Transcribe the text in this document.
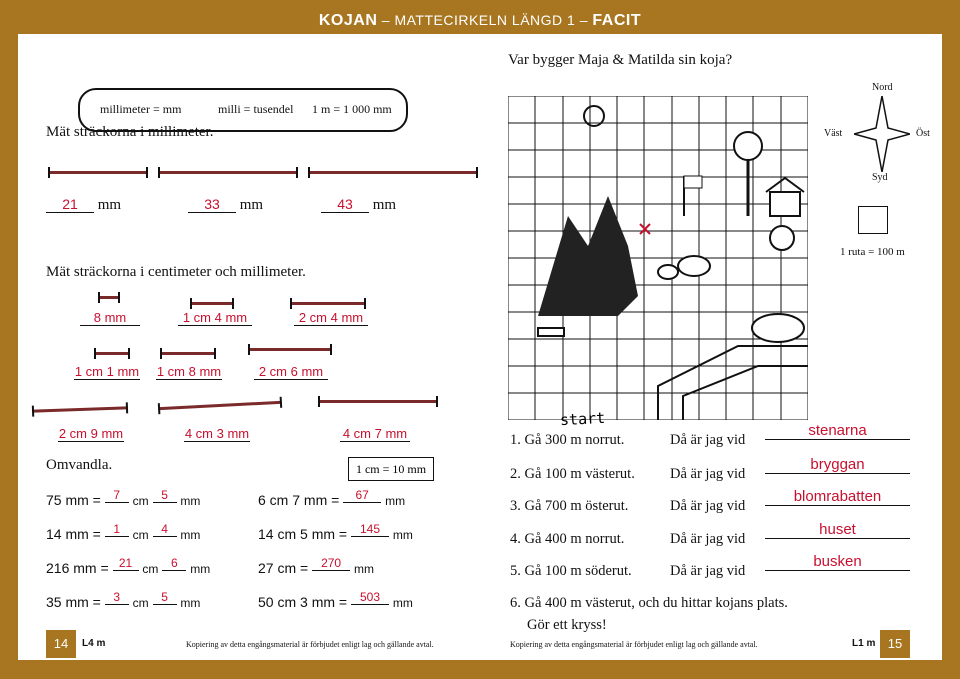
KOJAN – MATTECIRKELN LÄNGD 1 – FACIT
millimeter = mm	milli = tusendel 1 m = 1 000 mm
Mät sträckorna i millimeter.
21 mm	33 mm	43 mm
Mät sträckorna i centimeter och millimeter.
8 mm	1 cm 4 mm	2 cm 4 mm
1 cm 1 mm 1 cm 8 mm	2 cm 6 mm
2 cm 9 mm	4 cm 3 mm	4 cm 7 mm
Omvandla.	1 cm = 10 mm
75 mm = 7 cm 5 mm
14 mm = 1 cm 4 mm
216 mm = 21 cm 6 mm
35 mm = 3 cm 5 mm
6 cm 7 mm = 67 mm
14 cm 5 mm = 145 mm
27 cm = 270 mm
50 cm 3 mm = 503 mm
14	L4 m	Kopiering av detta engångsmaterial är förbjudet enligt lag och gällande avtal.
Var bygger Maja & Matilda sin koja?
start
Nord
Syd
Väst	Öst
1 ruta = 100 m
1. Gå 300 m norrut.	Då är jag vid
stenarna
2. Gå 100 m västerut. Då är jag vid
bryggan
3. Gå 700 m österut.	Då är jag vid
blomrabatten
4. Gå 400 m norrut.	Då är jag vid
huset
5. Gå 100 m söderut.	Då är jag vid
busken
6. Gå 400 m västerut, och du hittar kojans plats.
Gör ett kryss!
Kopiering av detta engångsmaterial är förbjudet enligt lag och gällande avtal.	L1 m 15
